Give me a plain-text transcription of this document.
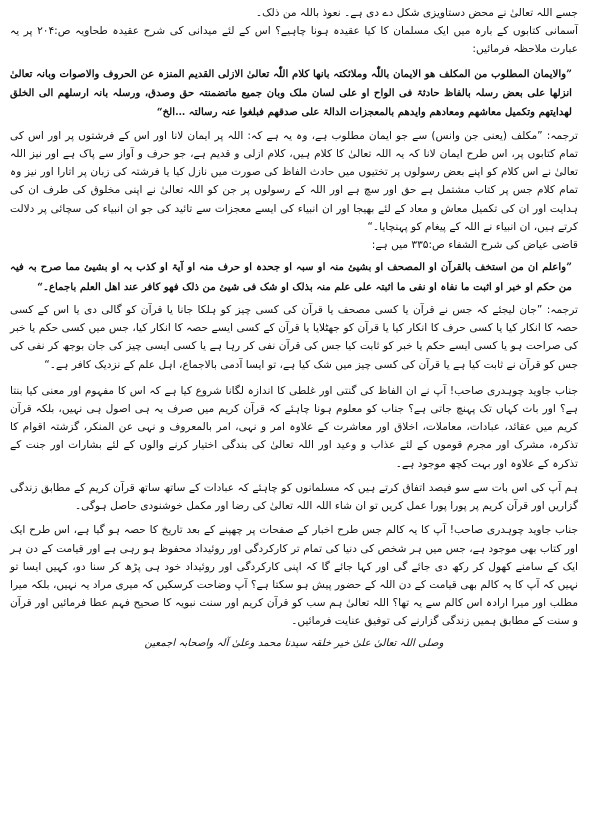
جسے اللہ تعالیٰ نے محض دستاویزی شکل دے دی ہے۔ نعوذ باللہ من ذلک۔

آسمانی کتابوں کے بارہ میں ایک مسلمان کا کیا عقیدہ ہونا چاہیے؟ اس کے لئے میدانی کی شرح عقیدہ طحاویہ ص:۲۰۴ پر یہ عبارت ملاحظہ فرمائیں:

”والایمان المطلوب من المکلف ھو الایمان باللّٰہ وملائکتہ بانھا کلام اللّٰہ تعالیٰ الازلی القدیم المنزہ عن الحروف والاصوات وبانہ تعالیٰ انزلھا علی بعض رسلہ بالفاظ حادثۃ فی الواح او علی لسان ملک وبان جمیع ماتضمنتہ حق وصدق، ورسلہ بانہ ارسلھم الی الخلق لھدایتھم وتکمیل معاشھم ومعادھم وایدھم بالمعجزات الدالۃ علی صدقھم فبلغوا عنہ رسالتہ …الخ“

ترجمہ: ”مکلف (یعنی جن وانس) سے جو ایمان مطلوب ہے، وہ یہ ہے کہ: اللہ پر ایمان لانا اور اس کے فرشتوں پر اور اس کی تمام کتابوں پر، اس طرح ایمان لانا کہ یہ اللہ تعالیٰ کا کلام ہیں، کلام ازلی و قدیم ہے، جو حرف و آواز سے پاک ہے اور نیز اللہ تعالیٰ نے اس کلام کو اپنے بعض رسولوں پر تختیوں میں حادث الفاظ کی صورت میں نازل کیا یا فرشتہ کی زبان پر اتارا اور نیز وہ تمام کلام جس پر کتاب مشتمل ہے حق اور سچ ہے اور اللہ کے رسولوں پر جن کو اللہ تعالیٰ نے اپنی مخلوق کی طرف ان کی ہدایت اور ان کی تکمیل معاش و معاد کے لئے بھیجا اور ان انبیاء کی ایسے معجزات سے تائید کی جو ان انبیاء کی سچائی پر دلالت کرتے ہیں، ان انبیاء نے اللہ کے پیغام کو پہنچایا۔“

قاضی عیاض کی شرح الشفاء ص:۳۳۵ میں ہے:

”واعلم ان من استخف بالقرآن او المصحف او بشیئ منہ او سبہ او جحدہ او حرف منہ او آیۃ او کذب بہ او بشیئ مما صرح بہ فیہ من حکم او خبر او اثبت ما نفاہ او نفی ما اثبتہ علی علم منہ بذلک او شک فی شیئ من ذلک فھو کافر عند اھل العلم باجماع۔“

ترجمہ: ”جان لیجئے کہ جس نے قرآن یا کسی مصحف یا قرآن کی کسی چیز کو ہلکا جانا یا قرآن کو گالی دی یا اس کے کسی حصہ کا انکار کیا یا کسی حرف کا انکار کیا یا قرآن کو جھٹلایا یا قرآن کے کسی ایسے حصہ کا انکار کیا، جس میں کسی حکم یا خبر کی صراحت ہو یا کسی ایسے حکم یا خبر کو ثابت کیا جس کی قرآن نفی کر رہا ہے یا کسی ایسی چیز کی جان بوجھ کر نفی کی جس کو قرآن نے ثابت کیا ہے یا قرآن کی کسی چیز میں شک کیا ہے، تو ایسا آدمی بالاجماع، اہل علم کے نزدیک کافر ہے۔“

جناب جاوید چوہدری صاحب! آپ نے ان الفاظ کی گنتی اور غلطی کا اندازہ لگانا شروع کیا ہے کہ اس کا مفہوم اور معنی کیا بنتا ہے؟ اور بات کہاں تک پہنچ جاتی ہے؟ جناب کو معلوم ہونا چاہئے کہ قرآن کریم میں صرف یہ ہی اصول ہی نہیں، بلکہ قرآن کریم میں عقائد، عبادات، معاملات، اخلاق اور معاشرت کے علاوہ امر و نہی، امر بالمعروف و نہی عن المنکر، گزشتہ اقوام کا تذکرہ، مشرک اور مجرم قوموں کے لئے عذاب و وعید اور اللہ تعالیٰ کی بندگی اختیار کرنے والوں کے لئے بشارات اور جنت کے تذکرہ کے علاوہ اور بہت کچھ موجود ہے۔

ہم آپ کی اس بات سے سو فیصد اتفاق کرتے ہیں کہ مسلمانوں کو چاہئے کہ عبادات کے ساتھ ساتھ قرآن کریم کے مطابق زندگی گزاریں اور قرآن کریم پر پورا پورا عمل کریں تو ان شاء اللہ اللہ تعالیٰ کی رضا اور مکمل خوشنودی حاصل ہوگی۔

جناب جاوید چوہدری صاحب! آپ کا یہ کالم جس طرح اخبار کے صفحات پر چھپنے کے بعد تاریخ کا حصہ ہو گیا ہے، اس طرح ایک اور کتاب بھی موجود ہے، جس میں ہر شخص کی دنیا کی تمام تر کارکردگی اور روئیداد محفوظ ہو رہی ہے اور قیامت کے دن ہر ایک کے سامنے کھول کر رکھ دی جائے گی اور کہا جائے گا کہ اپنی کارکردگی اور روئیداد خود ہی پڑھ کر سنا دو، کہیں ایسا تو نہیں کہ آپ کا یہ کالم بھی قیامت کے دن اللہ کے حضور پیش ہو سکتا ہے؟ آپ وضاحت کرسکیں کہ میری مراد یہ نہیں، بلکہ میرا مطلب اور میرا ارادہ اس کالم سے یہ تھا؟ اللہ تعالیٰ ہم سب کو قرآن کریم اور سنت نبویہ کا صحیح فہم عطا فرمائیں اور قرآن و سنت کے مطابق ہمیں زندگی گزارنے کی توفیق عنایت فرمائیں۔

وصلی اللہ تعالیٰ علیٰ خیر خلقہ سیدنا محمد وعلیٰ آلہ واصحابہ اجمعین
